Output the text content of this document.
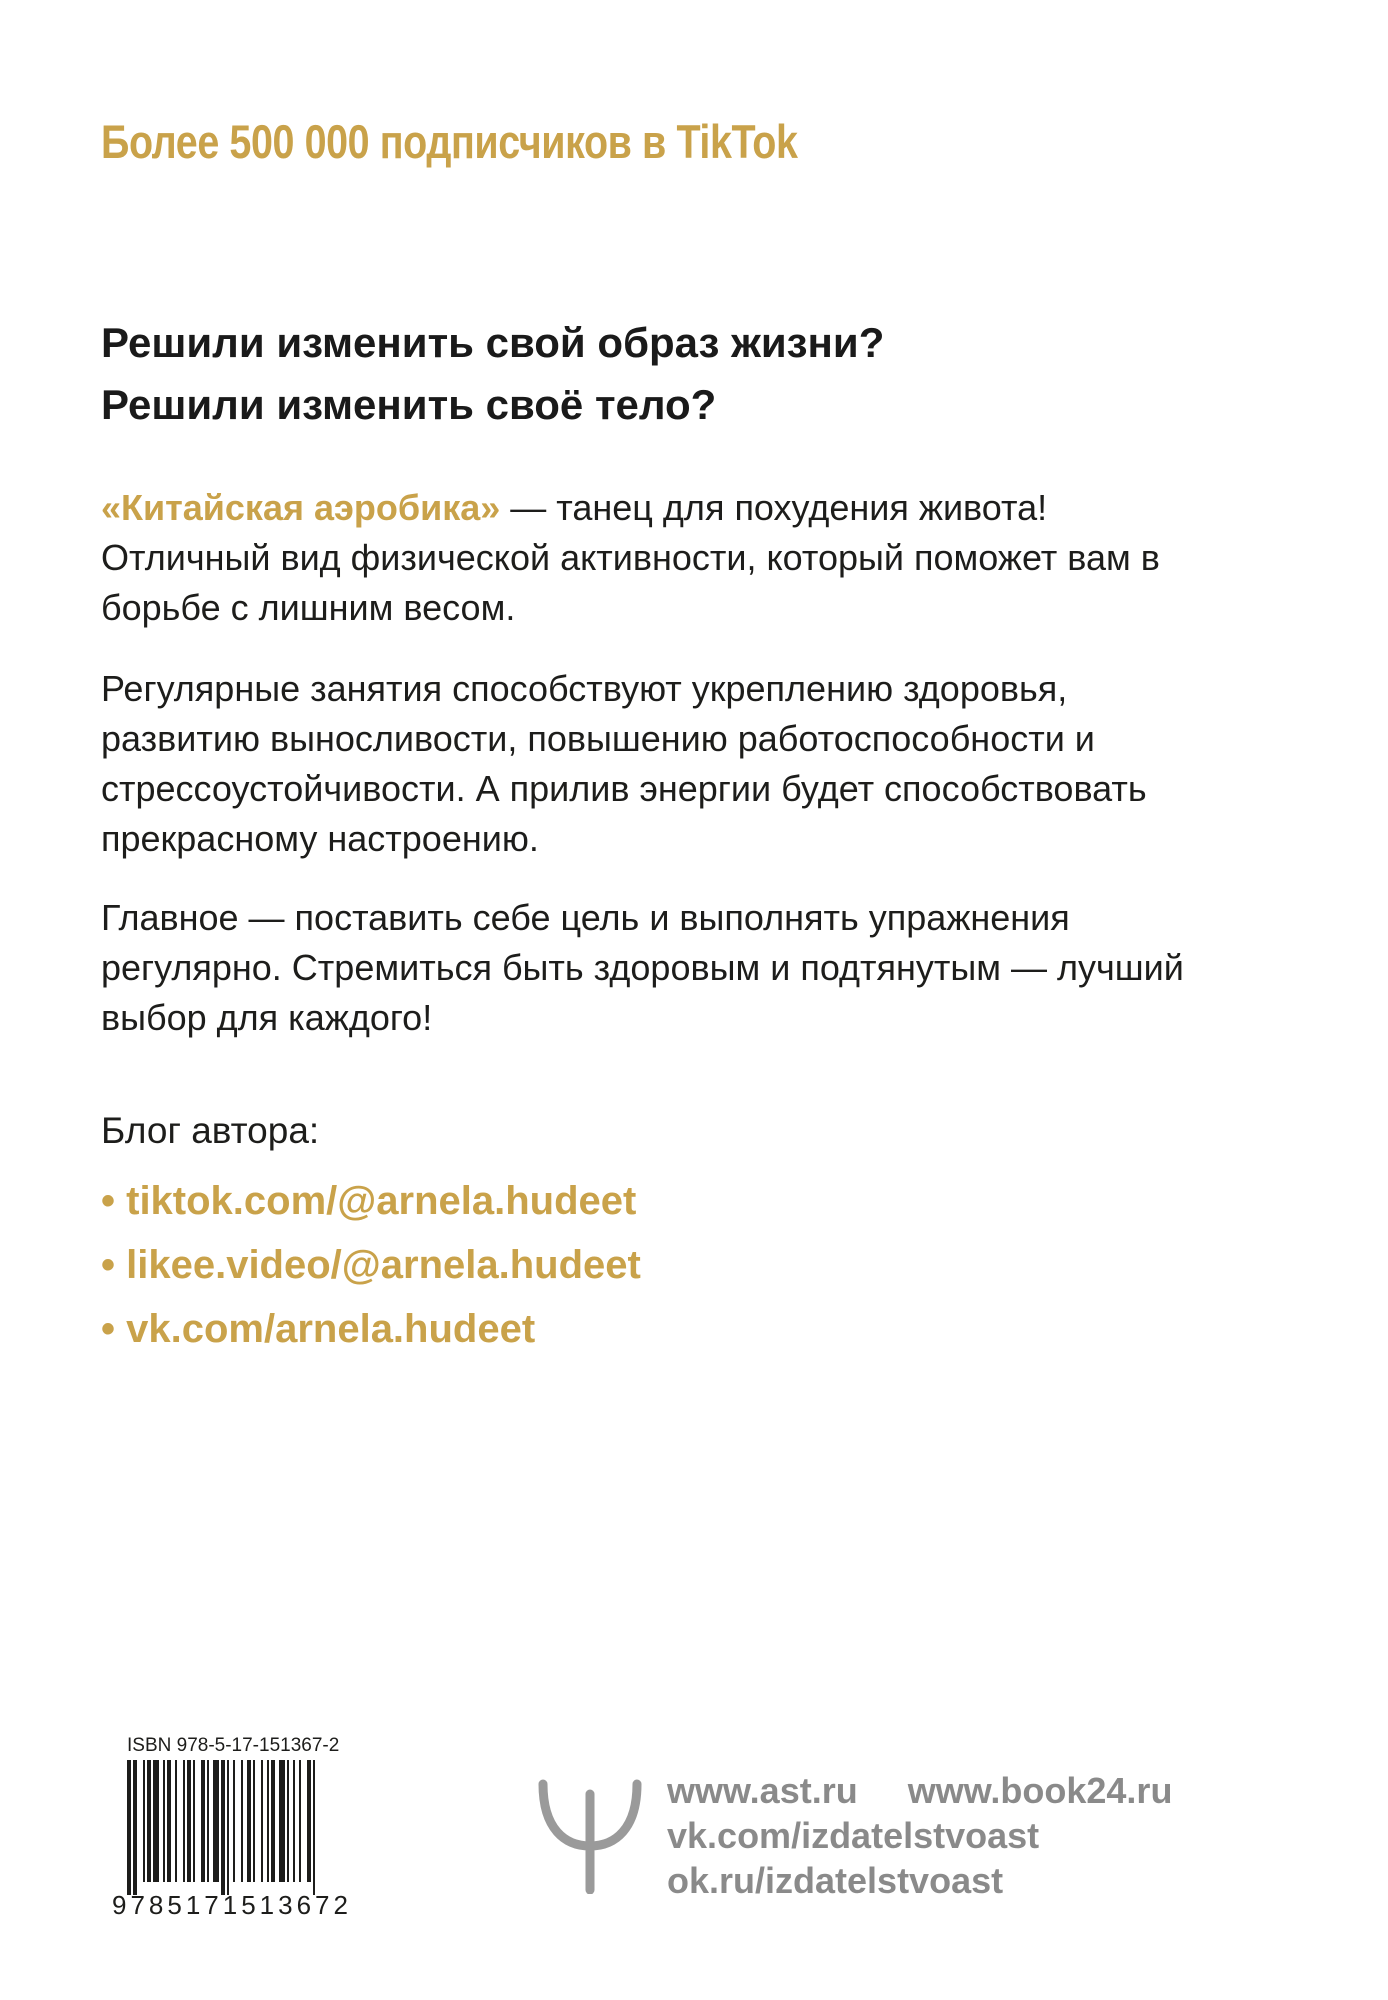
Более 500 000 подписчиков в TikTok
Решили изменить свой образ жизни?
Решили изменить своё тело?

«Китайская аэробика» — танец для похудения живота! Отличный вид физической активности, который поможет вам в борьбе с лишним весом.

Регулярные занятия способствуют укреплению здоровья, развитию выносливости, повышению работоспособности и стрессоустойчивости. А прилив энергии будет способствовать прекрасному настроению.

Главное — поставить себе цель и выполнять упражнения регулярно. Стремиться быть здоровым и подтянутым — лучший выбор для каждого!

Блог автора:
• tiktok.com/@arnela.hudeet
• likee.video/@arnela.hudeet
• vk.com/arnela.hudeet
ISBN 978-5-17-151367-2
9785171513672
www.ast.ru www.book24.ru
vk.com/izdatelstvoast
ok.ru/izdatelstvoast
